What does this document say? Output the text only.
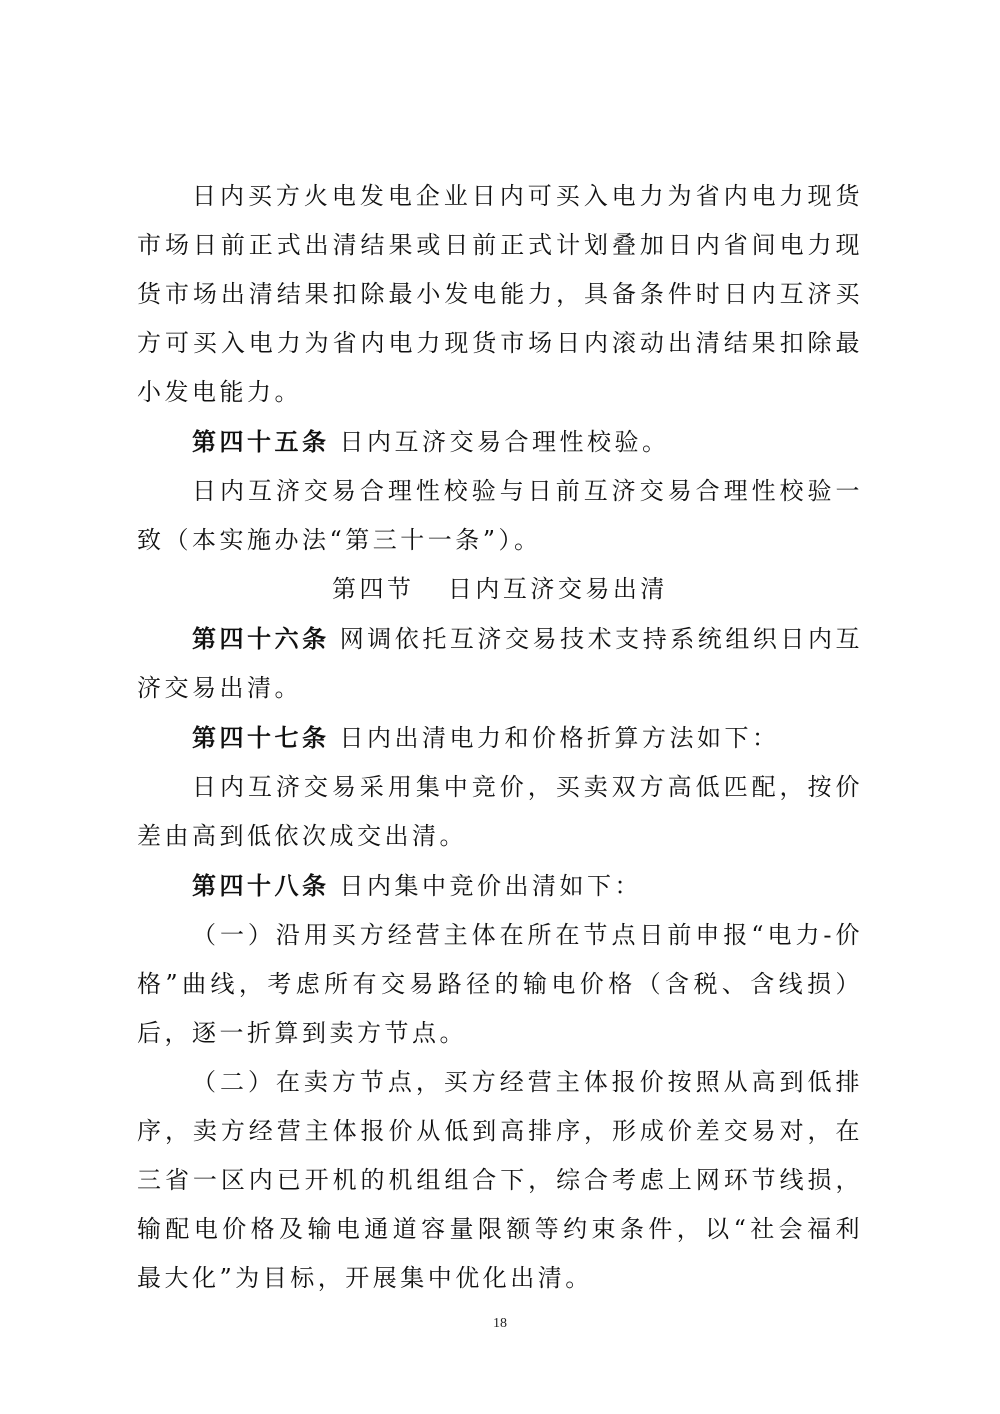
日内买方火电发电企业日内可买入电力为省内电力现货市场日前正式出清结果或日前正式计划叠加日内省间电力现货市场出清结果扣除最小发电能力，具备条件时日内互济买方可买入电力为省内电力现货市场日内滚动出清结果扣除最小发电能力。

第四十五条 日内互济交易合理性校验。

日内互济交易合理性校验与日前互济交易合理性校验一致（本实施办法“第三十一条”）。

第四节   日内互济交易出清

第四十六条 网调依托互济交易技术支持系统组织日内互济交易出清。

第四十七条 日内出清电力和价格折算方法如下：

日内互济交易采用集中竞价，买卖双方高低匹配，按价差由高到低依次成交出清。

第四十八条 日内集中竞价出清如下：

（一）沿用买方经营主体在所在节点日前申报“电力-价格”曲线，考虑所有交易路径的输电价格（含税、含线损）后，逐一折算到卖方节点。

（二）在卖方节点，买方经营主体报价按照从高到低排序，卖方经营主体报价从低到高排序，形成价差交易对，在三省一区内已开机的机组组合下，综合考虑上网环节线损，输配电价格及输电通道容量限额等约束条件，以“社会福利最大化”为目标，开展集中优化出清。

18
